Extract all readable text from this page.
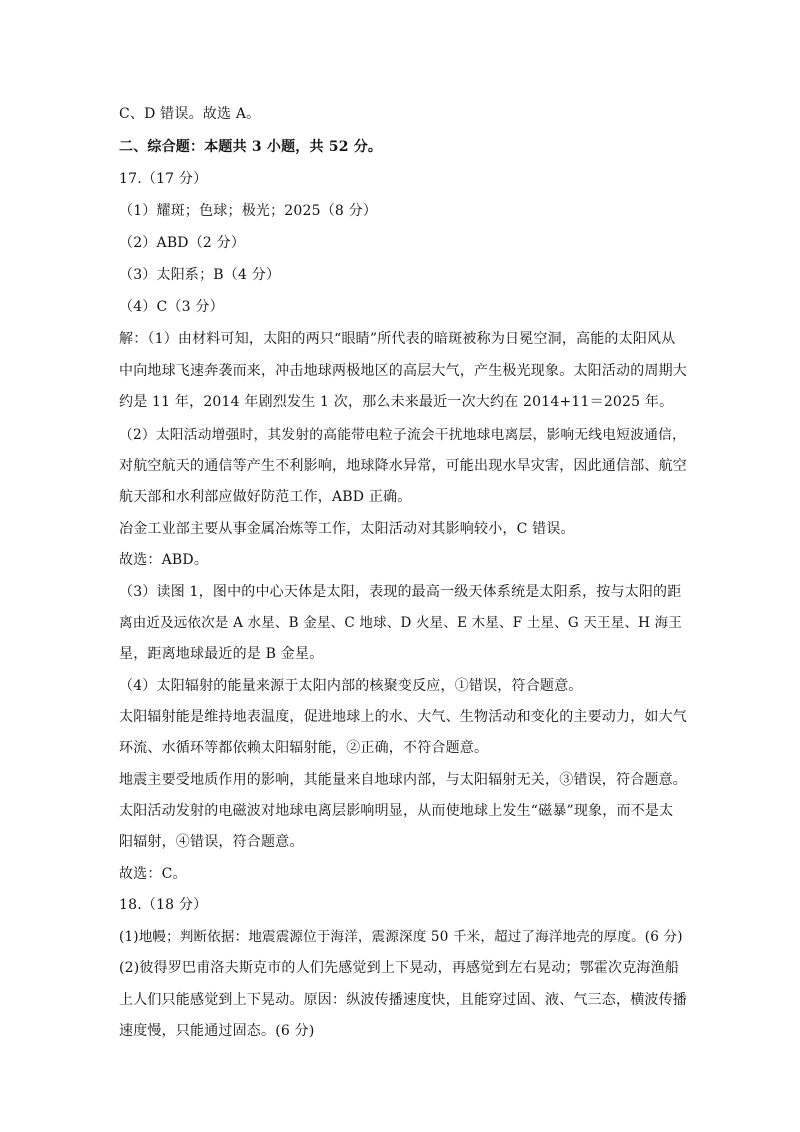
C、D 错误。故选 A。
二、综合题：本题共 3 小题，共 52 分。
17.（17 分）
（1）耀斑；色球；极光；2025（8 分）
（2）ABD（2 分）
（3）太阳系；B（4 分）
（4）C（3 分）
解：（1）由材料可知，太阳的两只“眼睛”所代表的暗斑被称为日冕空洞，高能的太阳风从
中向地球飞速奔袭而来，冲击地球两极地区的高层大气，产生极光现象。太阳活动的周期大
约是 11 年，2014 年剧烈发生 1 次，那么未来最近一次大约在 2014+11＝2025 年。
（2）太阳活动增强时，其发射的高能带电粒子流会干扰地球电离层，影响无线电短波通信，
对航空航天的通信等产生不利影响，地球降水异常，可能出现水旱灾害，因此通信部、航空
航天部和水利部应做好防范工作，ABD 正确。
冶金工业部主要从事金属冶炼等工作，太阳活动对其影响较小，C 错误。
故选：ABD。
（3）读图 1，图中的中心天体是太阳，表现的最高一级天体系统是太阳系，按与太阳的距
离由近及远依次是 A 水星、B 金星、C 地球、D 火星、E 木星、F 土星、G 天王星、H 海王
星，距离地球最近的是 B 金星。
（4）太阳辐射的能量来源于太阳内部的核聚变反应，①错误，符合题意。
太阳辐射能是维持地表温度，促进地球上的水、大气、生物活动和变化的主要动力，如大气
环流、水循环等都依赖太阳辐射能，②正确，不符合题意。
地震主要受地质作用的影响，其能量来自地球内部，与太阳辐射无关，③错误，符合题意。
太阳活动发射的电磁波对地球电离层影响明显，从而使地球上发生“磁暴”现象，而不是太
阳辐射，④错误，符合题意。
故选：C。
18.（18 分）
(1)地幔；判断依据：地震震源位于海洋，震源深度 50 千米，超过了海洋地壳的厚度。(6 分)
(2)彼得罗巴甫洛夫斯克市的人们先感觉到上下晃动，再感觉到左右晃动；鄂霍次克海渔船
上人们只能感觉到上下晃动。原因：纵波传播速度快，且能穿过固、液、气三态，横波传播
速度慢，只能通过固态。(6 分)
